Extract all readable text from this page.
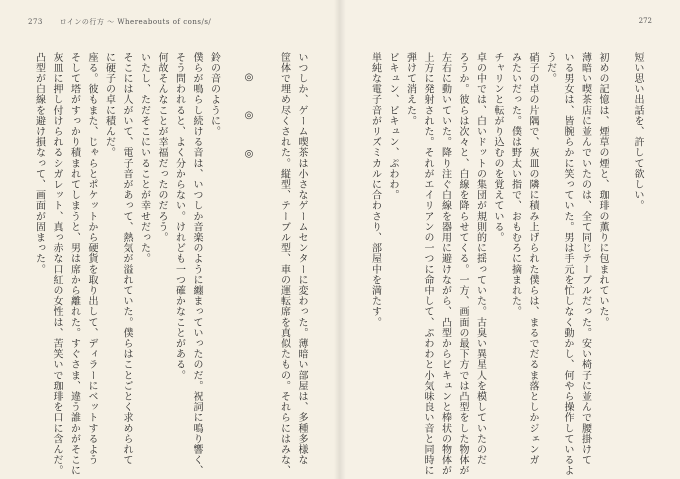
273 ロインの行方 〜 Whereabouts of cons/s/

いつしか、ゲーム喫茶は小さなゲームセンターに変わった。薄暗い部屋は、多種多様な

筐体で埋め尽くされた。縦型、テーブル型、車の運転席を真似たもの。それらにはみな、

◎ ◎ ◎

鈴の音のように。

僕らが鳴らし続ける音は、いつしか音楽のように纏まっていったのだ。祝詞に鳴り響く、

そう問われると、よく分からない。けれども一つ確かなことがある。

何故そんなことが幸福だったのだろう。

いたし、ただそこにいることが幸せだった。

そこには人がいて、電子音があって、熱気が溢れていた。僕らはことごとく求められて

に硬子の卓に積んだ。

座る。彼もまた、じゃらとポケットから硬貨を取り出して、ディラーにベットするよう

そして塔がすっかり積まれてしまうと、男は席から離れた。すぐさま、違う誰かがそこに

灰皿に押し付けられるシガレット、真っ赤な口紅の女性は、苦笑いで珈琲を口に含んだ。

凸型が白線を避け損なって、画面が固まった。

272

短い思い出話を、許して欲しい。

初めの記憶は、煙草の煙と、珈琲の薫りに包まれていた。

薄暗い喫茶店に並んでいたのは、全て同じテーブルだった。安い椅子に並んで腰掛けて

いる男女は、皆腕らかに笑っていた。男は手元を忙しなく動かし、何やら操作しているよ

うだ。

硝子の卓の片隅で、灰皿の隣に積み上げられた僕らは、まるでだるま落としかジェンガ

みたいだった。僕は野太い指で、おもむろに摘まれた。

チャリンと転がり込むのを覚えている。

卓の中では、白いドットの集団が規則的に揺っていた。古臭い異星人を模していたのだ

ろうか。彼らは次々と、白線を降らせてくる。一方、画面の最下方では凸型をした物体が

左右に動いていた。降り注ぐ白線を器用に避けながら、凸型からビキュンと棒状の物体が

上方に発射された。それがエイリアンの一つに命中して、ぷわわと小気味良い音と同時に

弾けて消えた。

ビキュン、ビキュン、ぷわわ。

単純な電子音がリズミカルに合わさり、部屋中を満たす。
